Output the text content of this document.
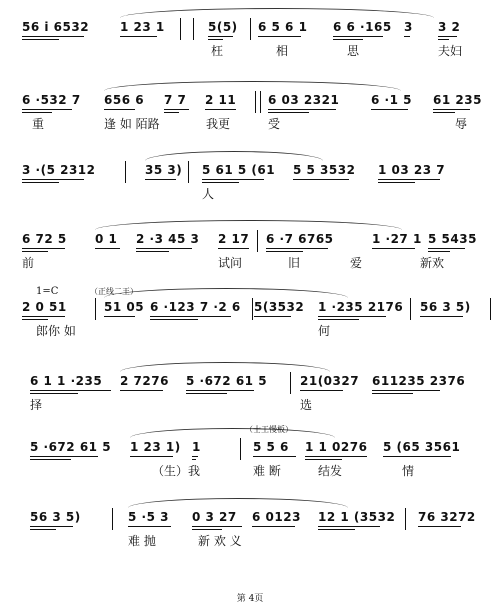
56 i 6532	1 23 1	5(5) 6 5 6 1 6 6 ·165 3 3 2
枉	相	思	夫妇
6 ·532 7 656 6 7 7 2 11	6 03 2321	6 ·1 5 61 235
重	逢 如 陌路	我更	受	辱
3 ·(5 2312	35 3) 5 61 5 (61 5 5 3532 1 03 23 7
人
6 72 5 0 1 2 ·3 45 3 2 17 6 ·7 6765	1 ·27 1 5 5435
前	试问	旧	爱	新欢
2 0 51	51 05 6 ·123 7 ·2 6 5(3532 1 ·235 2176 56 3 5)
郎你 如	何
6 1 1 ·235 2 7276 5 ·672 61 5	21(0327 611235 2376
择	选
5 ·672 61 5 1 23 1) 1	5 5 6 1 1 0276 5 (65 3561
（生）我	难 断	结发	情
56 3 5)	5 ·5 3 0 3 27 6 0123 12 1 (3532 76 3272
难 抛	新 欢 义
1=C	（正线二王）
（士工慢板）
第 4页
